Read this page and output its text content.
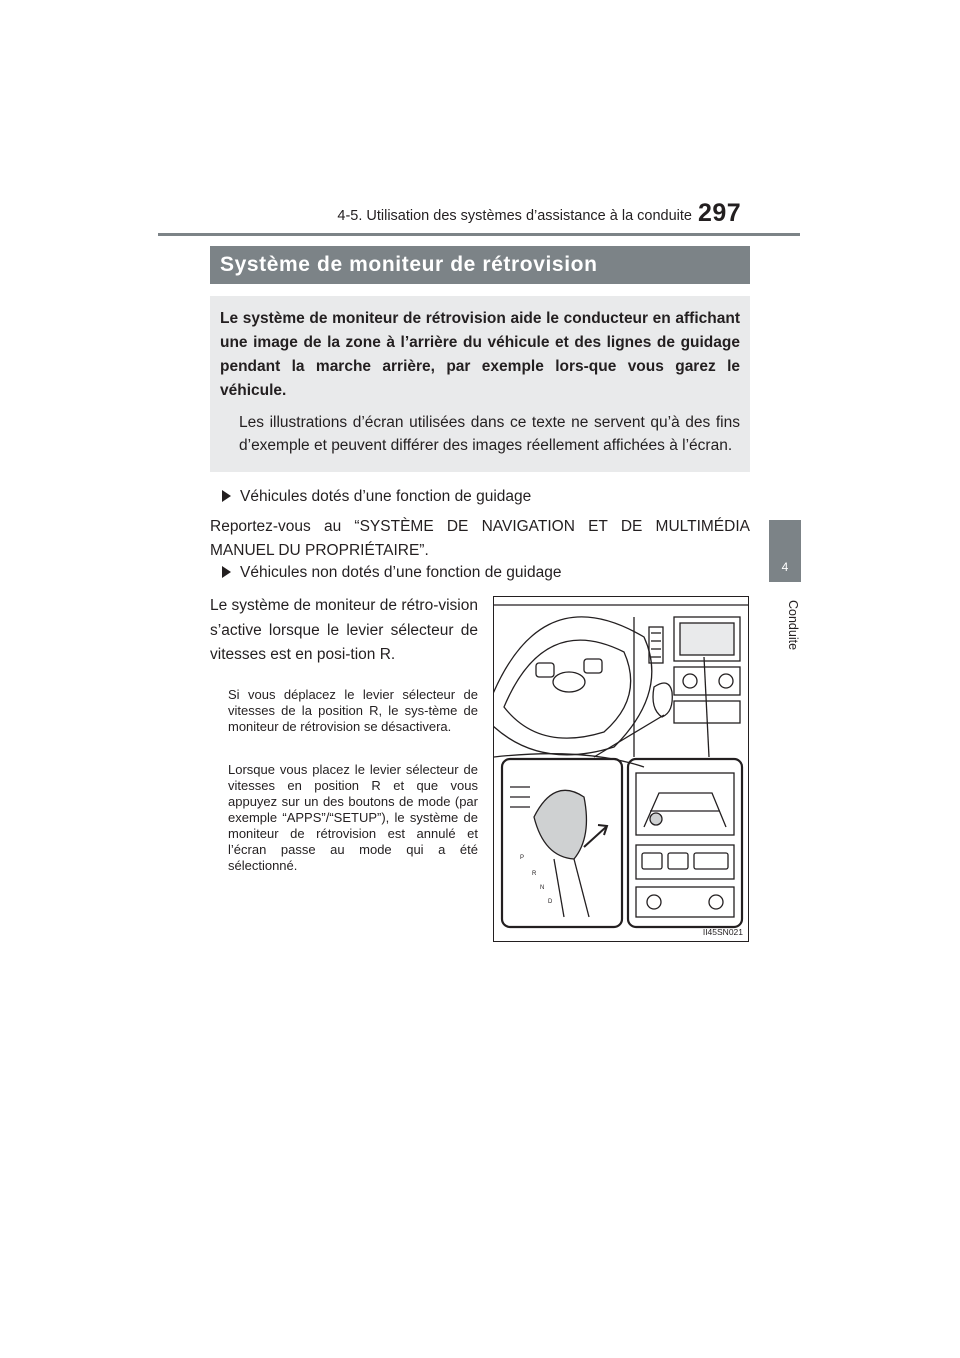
4-5. Utilisation des systèmes d’assistance à la conduite 297
4
Conduite
Système de moniteur de rétrovision

Le système de moniteur de rétrovision aide le conducteur en affichant une image de la zone à l’arrière du véhicule et des lignes de guidage pendant la marche arrière, par exemple lors-que vous garez le véhicule.

Les illustrations d’écran utilisées dans ce texte ne servent qu’à des fins d’exemple et peuvent différer des images réellement affichées à l’écran.

Véhicules dotés d’une fonction de guidage

Reportez-vous au “SYSTÈME DE NAVIGATION ET DE MULTIMÉDIA MANUEL DU PROPRIÉTAIRE”.

Véhicules non dotés d’une fonction de guidage

Le système de moniteur de rétro-vision s’active lorsque le levier sélecteur de vitesses est en posi-tion R.

Si vous déplacez le levier sélecteur de vitesses de la position R, le sys-tème de moniteur de rétrovision se désactivera.

Lorsque vous placez le levier sélecteur de vitesses en position R et que vous appuyez sur un des boutons de mode (par exemple “APPS”/“SETUP”), le système de moniteur de rétrovision est annulé et l’écran passe au mode qui a été sélectionné.	P
R
N
D
II45SN021
